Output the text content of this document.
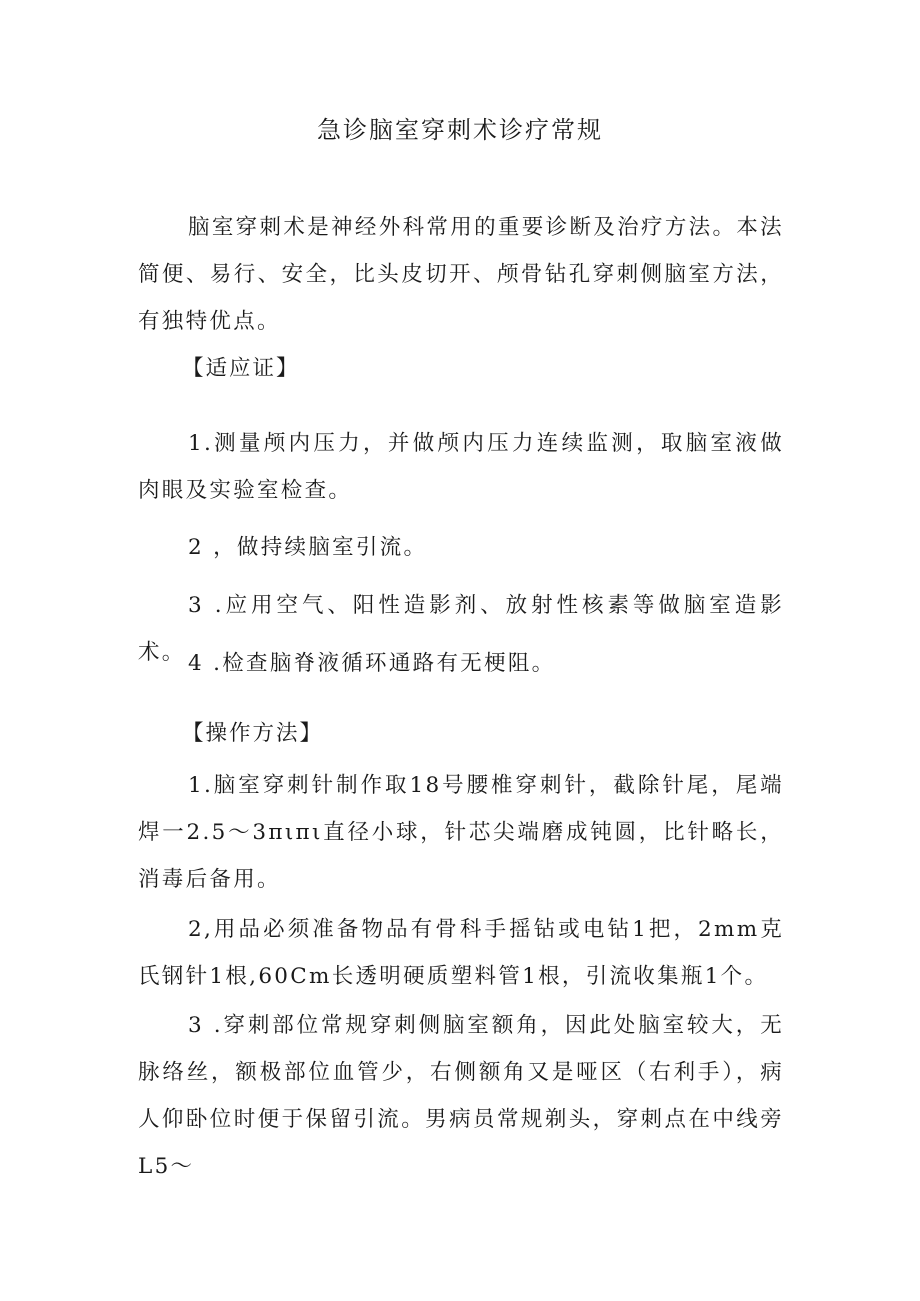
急诊脑室穿刺术诊疗常规

脑室穿刺术是神经外科常用的重要诊断及治疗方法。本法简便、易行、安全，比头皮切开、颅骨钻孔穿刺侧脑室方法，有独特优点。

【适应证】

1.测量颅内压力，并做颅内压力连续监测，取脑室液做肉眼及实验室检查。

2 ，做持续脑室引流。

3 .应用空气、阳性造影剂、放射性核素等做脑室造影术。 4 .检查脑脊液循环通路有无梗阻。

【操作方法】

1.脑室穿刺针制作取18号腰椎穿刺针，截除针尾，尾端焊一2.5～3πιπι直径小球，针芯尖端磨成钝圆，比针略长，消毒后备用。

2,用品必须准备物品有骨科手摇钻或电钻1把，2mm克氏钢针1根,60Cm长透明硬质塑料管1根，引流收集瓶1个。

3 .穿刺部位常规穿刺侧脑室额角，因此处脑室较大，无脉络丝，额极部位血管少，右侧额角又是哑区（右利手），病人仰卧位时便于保留引流。男病员常规剃头，穿刺点在中线旁L5～
